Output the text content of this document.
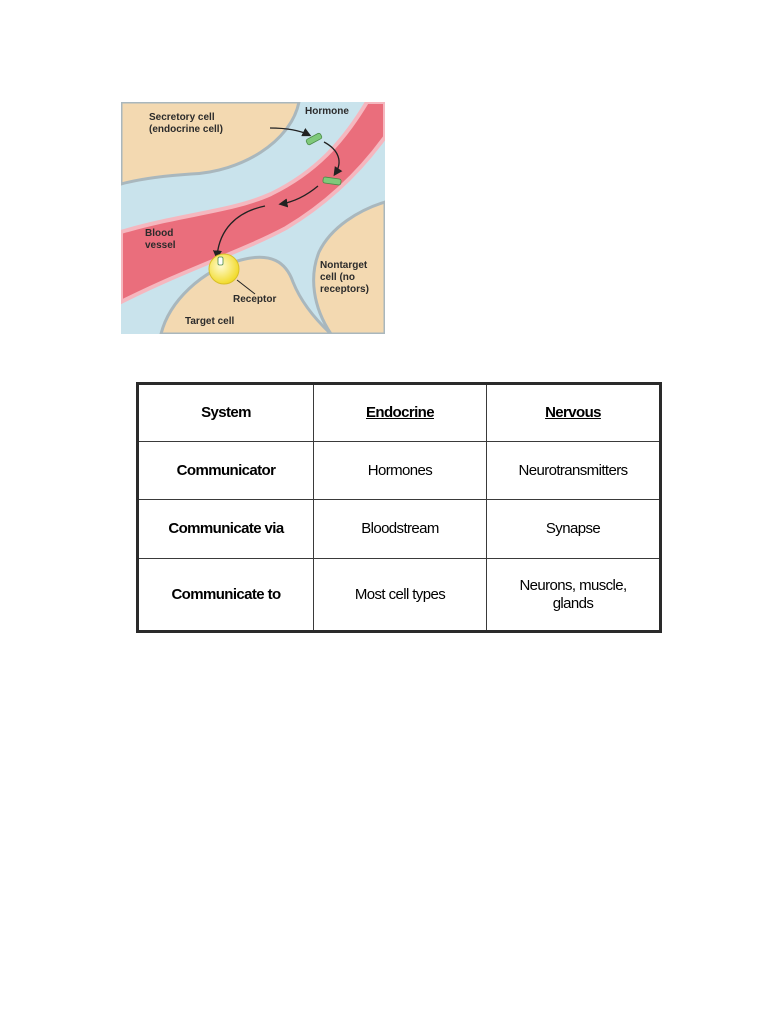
Secretory cell (endocrine cell)
Hormone
Blood vessel
Nontarget cell (no receptors)
Receptor
Target cell
System	Endocrine	Nervous
Communicator	Hormones	Neurotransmitters
Communicate via	Bloodstream	Synapse
Communicate to	Most cell types	Neurons, muscle,
glands
